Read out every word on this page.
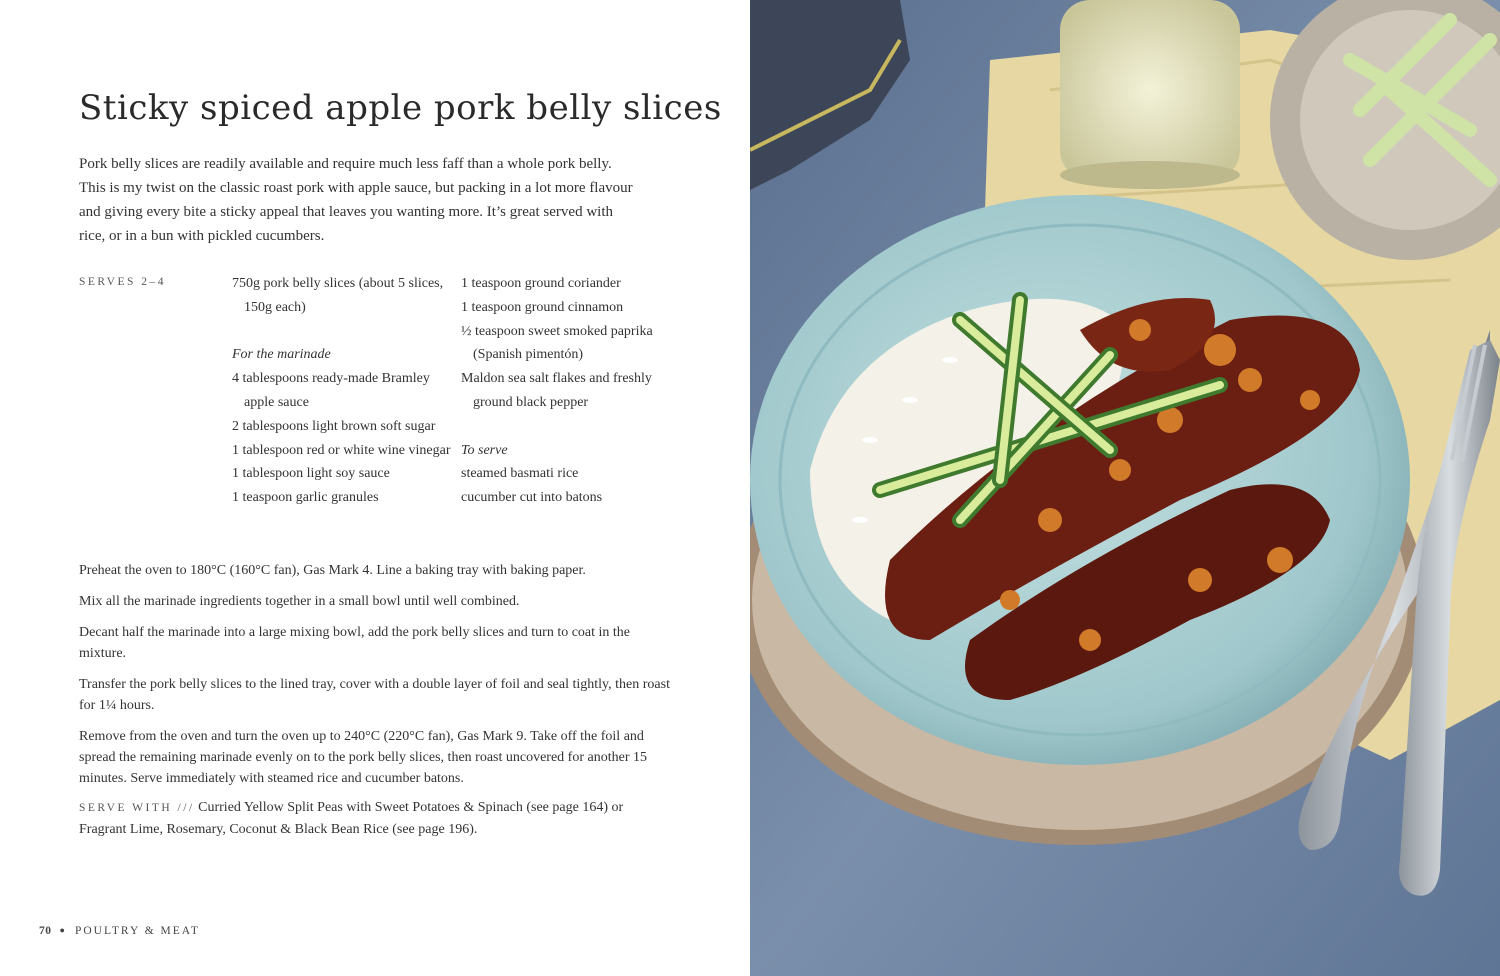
Sticky spiced apple pork belly slices

Pork belly slices are readily available and require much less faff than a whole pork belly. This is my twist on the classic roast pork with apple sauce, but packing in a lot more flavour and giving every bite a sticky appeal that leaves you wanting more. It’s great served with rice, or in a bun with pickled cucumbers.

SERVES 2–4	750g pork belly slices (about 5 slices, 150g each)

For the marinade

4 tablespoons ready-made Bramley apple sauce

2 tablespoons light brown soft sugar

1 tablespoon red or white wine vinegar

1 tablespoon light soy sauce

1 teaspoon garlic granules

1 teaspoon ground coriander

1 teaspoon ground cinnamon

½ teaspoon sweet smoked paprika (Spanish pimentón)

Maldon sea salt flakes and freshly ground black pepper

To serve

steamed basmati rice

cucumber cut into batons

Preheat the oven to 180°C (160°C fan), Gas Mark 4. Line a baking tray with baking paper.

Mix all the marinade ingredients together in a small bowl until well combined.

Decant half the marinade into a large mixing bowl, add the pork belly slices and turn to coat in the mixture.

Transfer the pork belly slices to the lined tray, cover with a double layer of foil and seal tightly, then roast for 1¼ hours.

Remove from the oven and turn the oven up to 240°C (220°C fan), Gas Mark 9. Take off the foil and spread the remaining marinade evenly on to the pork belly slices, then roast uncovered for another 15 minutes. Serve immediately with steamed rice and cucumber batons.

SERVE WITH /// Curried Yellow Split Peas with Sweet Potatoes & Spinach (see page 164) or Fragrant Lime, Rosemary, Coconut & Black Bean Rice (see page 196).
70 ● POULTRY & MEAT
